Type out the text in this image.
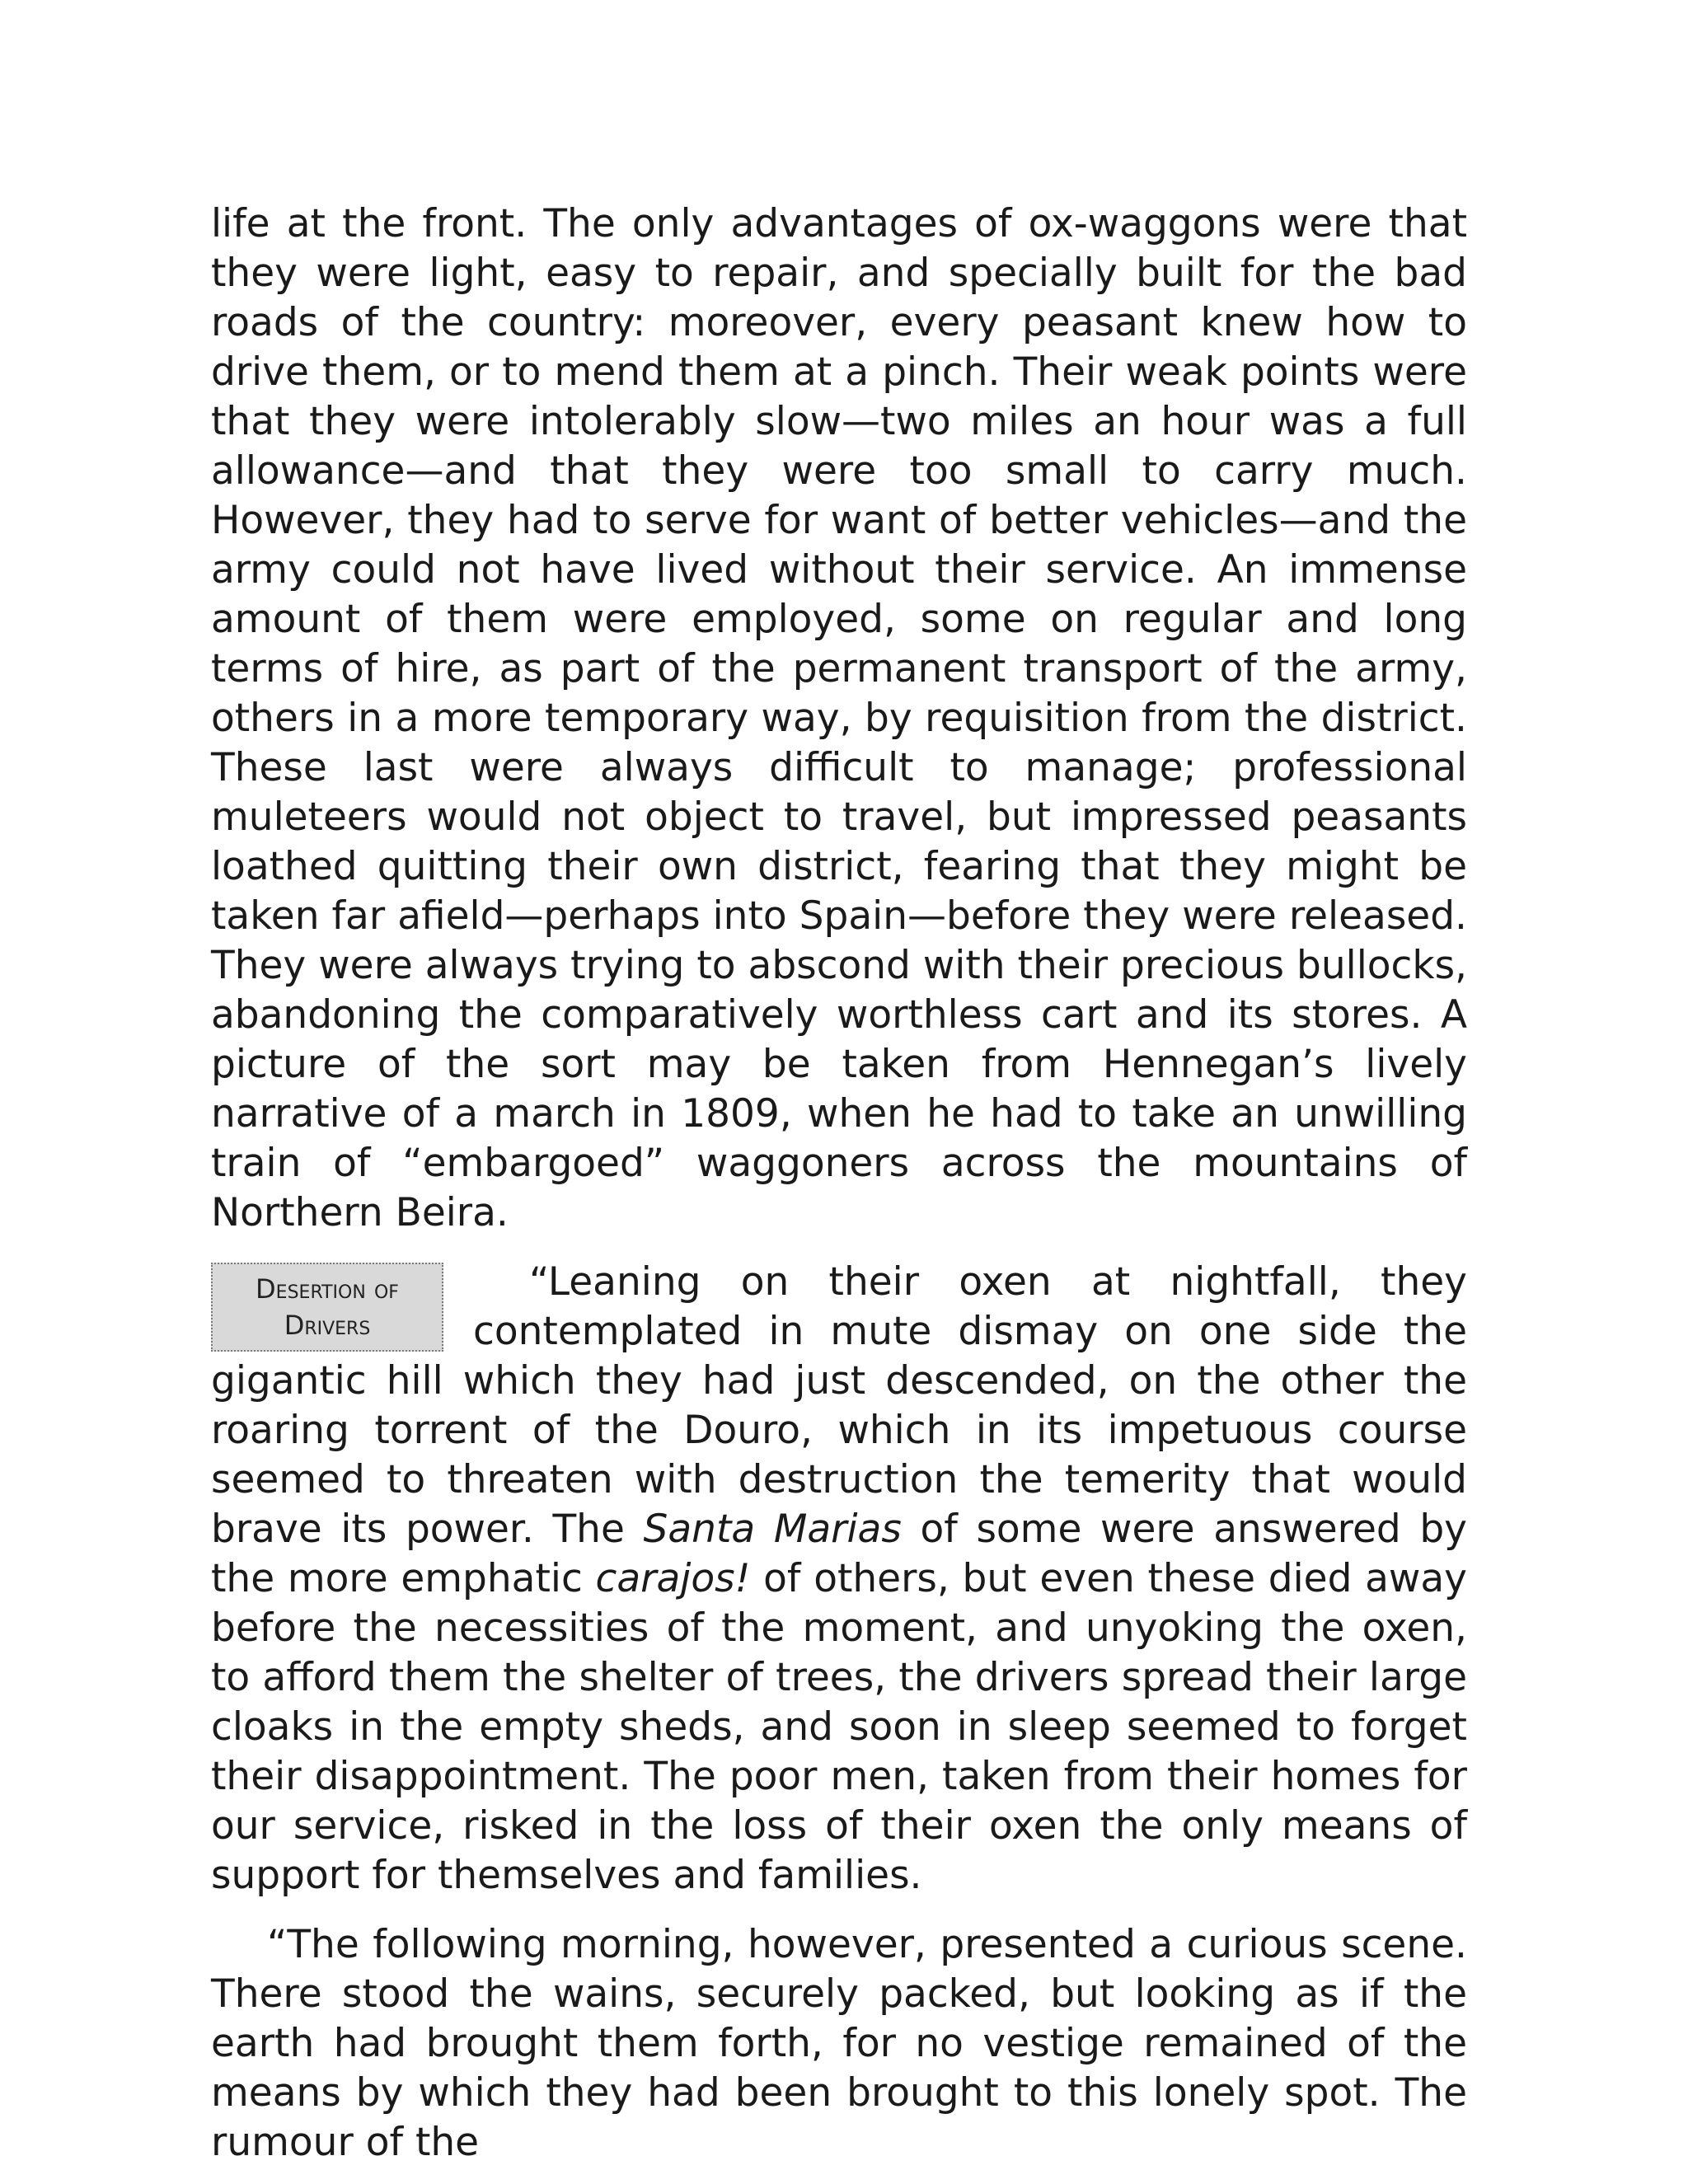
life at the front. The only advantages of ox-waggons were that they were light, easy to repair, and specially built for the bad roads of the country: moreover, every peasant knew how to drive them, or to mend them at a pinch. Their weak points were that they were intolerably slow—two miles an hour was a full allowance—and that they were too small to carry much. However, they had to serve for want of better vehicles—and the army could not have lived without their service. An immense amount of them were employed, some on regular and long terms of hire, as part of the permanent transport of the army, others in a more temporary way, by requisition from the district. These last were always difficult to manage; professional muleteers would not object to travel, but impressed peasants loathed quitting their own district, fearing that they might be taken far afield—perhaps into Spain—before they were released. They were always trying to abscond with their precious bullocks, abandoning the comparatively worthless cart and its stores. A picture of the sort may be taken from Hennegan’s lively narrative of a march in 1809, when he had to take an unwilling train of “embargoed” waggoners across the mountains of Northern Beira.

Desertion of Drivers
“Leaning on their oxen at nightfall, they contemplated in mute dismay on one side the gigantic hill which they had just descended, on the other the roaring torrent of the Douro, which in its impetuous course seemed to threaten with destruction the temerity that would brave its power. The Santa Marias of some were answered by the more emphatic carajos! of others, but even these died away before the necessities of the moment, and unyoking the oxen, to afford them the shelter of trees, the drivers spread their large cloaks in the empty sheds, and soon in sleep seemed to forget their disappointment. The poor men, taken from their homes for our service, risked in the loss of their oxen the only means of support for themselves and families.

“The following morning, however, presented a curious scene. There stood the wains, securely packed, but looking as if the earth had brought them forth, for no vestige remained of the means by which they had been brought to this lonely spot. The rumour of the
